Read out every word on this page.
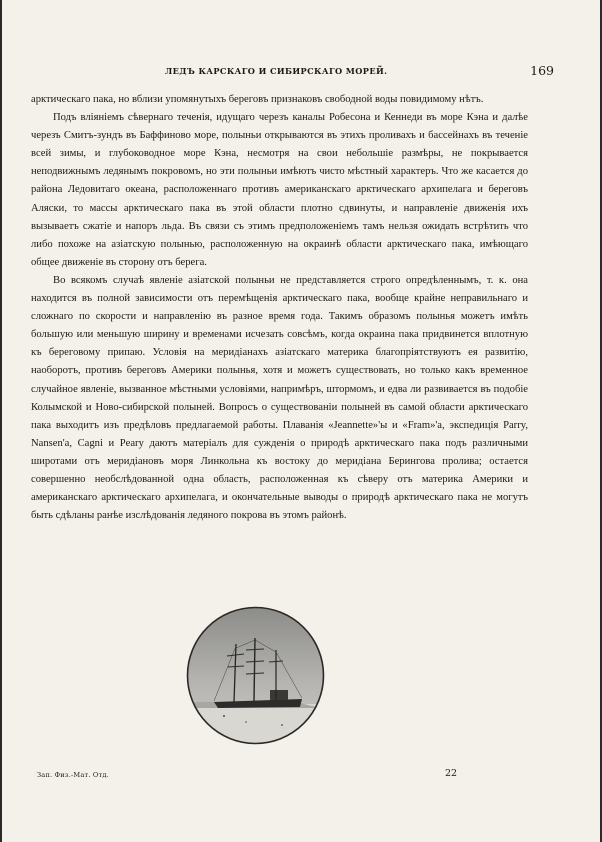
ЛЕДЪ КАРСКАГО И СИБИРСКАГО МОРЕЙ.	169

арктическаго пака, но вблизи упомянутыхъ береговъ признаковъ свободной воды повидимому нѣтъ.

Подъ вліяніемъ сѣвернаго теченія, идущаго черезъ каналы Робесона и Кеннеди въ море Кэна и далѣе черезъ Смитъ-зундъ въ Баффиново море, полыньи открываются въ этихъ проливахъ и бассейнахъ въ теченіе всей зимы, и глубоководное море Кэна, несмотря на свои небольшіе размѣры, не покрывается неподвижнымъ ледянымъ покровомъ, но эти полыньи имѣютъ чисто мѣстный характеръ. Что же касается до района Ледовитаго океана, расположеннаго противъ американскаго арктическаго архипелага и береговъ Аляски, то массы арктическаго пака въ этой области плотно сдвинуты, и направленіе движенія ихъ вызываетъ сжатіе и напоръ льда. Въ связи съ этимъ предположеніемъ тамъ нельзя ожидать встрѣтить что либо похоже на азіатскую полынью, расположенную на окраинѣ области арктическаго пака, имѣющаго общее движеніе въ сторону отъ берега.

Во всякомъ случаѣ явленіе азіатской полыньи не представляется строго опредѣленнымъ, т. к. она находится въ полной зависимости отъ перемѣщенія арктическаго пака, вообще крайне неправильнаго и сложнаго по скорости и направленію въ разное время года. Такимъ образомъ полынья можетъ имѣть большую или меньшую ширину и временами исчезать совсѣмъ, когда окраина пака придвинется вплотную къ береговому припаю. Условія на меридіанахъ азіатскаго материка благопріятствуютъ ея развитію, наоборотъ, противъ береговъ Америки полынья, хотя и можетъ существовать, но только какъ временное случайное явленіе, вызванное мѣстными условіями, напримѣръ, штормомъ, и едва ли развивается въ подобіе Колымской и Ново-сибирской полыней. Вопросъ о существованіи полыней въ самой области арктическаго пака выходитъ изъ предѣловъ предлагаемой работы. Плаванія «Jeannette»'ы и «Fram»'а, экспедиція Parry, Nansen'a, Cagni и Peary даютъ матеріалъ для сужденія о природѣ арктическаго пака подъ различными широтами отъ меридіановъ моря Линкольна къ востоку до меридіана Берингова пролива; остается совершенно необслѣдованной одна область, расположенная къ сѣверу отъ материка Америки и американскаго арктическаго архипелага, и окончательные выводы о природѣ арктическаго пака не могутъ быть сдѣланы ранѣе изслѣдованія ледяного покрова въ этомъ районѣ.

Зап. Физ.-Мат. Отд.	22
